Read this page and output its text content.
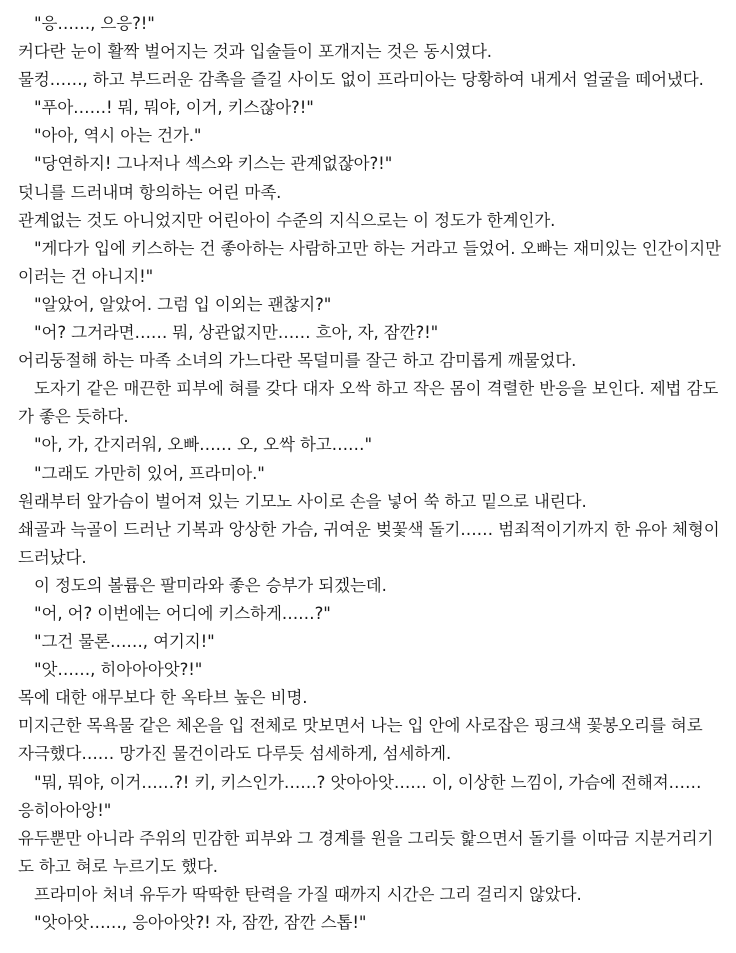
"응……, 으응?!"

커다란 눈이 활짝 벌어지는 것과 입술들이 포개지는 것은 동시였다.

물컹……, 하고 부드러운 감촉을 즐길 사이도 없이 프라미아는 당황하여 내게서 얼굴을 떼어냈다.

"푸아……! 뭐, 뭐야, 이거, 키스잖아?!"

"아아, 역시 아는 건가."

"당연하지! 그나저나 섹스와 키스는 관계없잖아?!"

덧니를 드러내며 항의하는 어린 마족.

관계없는 것도 아니었지만 어린아이 수준의 지식으로는 이 정도가 한계인가.

"게다가 입에 키스하는 건 좋아하는 사람하고만 하는 거라고 들었어. 오빠는 재미있는 인간이지만 이러는 건 아니지!"

"알았어, 알았어. 그럼 입 이외는 괜찮지?"

"어? 그거라면…… 뭐, 상관없지만…… 흐아, 자, 잠깐?!"

어리둥절해 하는 마족 소녀의 가느다란 목덜미를 잘근 하고 감미롭게 깨물었다.

도자기 같은 매끈한 피부에 혀를 갖다 대자 오싹 하고 작은 몸이 격렬한 반응을 보인다. 제법 감도가 좋은 듯하다.

"아, 가, 간지러워, 오빠…… 오, 오싹 하고……"

"그래도 가만히 있어, 프라미아."

원래부터 앞가슴이 벌어져 있는 기모노 사이로 손을 넣어 쑥 하고 밑으로 내린다.

쇄골과 늑골이 드러난 기복과 앙상한 가슴, 귀여운 벚꽃색 돌기…… 범죄적이기까지 한 유아 체형이 드러났다.

이 정도의 볼륨은 팔미라와 좋은 승부가 되겠는데.

"어, 어? 이번에는 어디에 키스하게……?"

"그건 물론……, 여기지!"

"앗……, 히아아아앗?!"

목에 대한 애무보다 한 옥타브 높은 비명.

미지근한 목욕물 같은 체온을 입 전체로 맛보면서 나는 입 안에 사로잡은 핑크색 꽃봉오리를 혀로 자극했다…… 망가진 물건이라도 다루듯 섬세하게, 섬세하게.

"뭐, 뭐야, 이거……?! 키, 키스인가……? 앗아아앗…… 이, 이상한 느낌이, 가슴에 전해져…… 응히아아앙!"

유두뿐만 아니라 주위의 민감한 피부와 그 경계를 원을 그리듯 핥으면서 돌기를 이따금 지분거리기도 하고 혀로 누르기도 했다.

프라미아 처녀 유두가 딱딱한 탄력을 가질 때까지 시간은 그리 걸리지 않았다.

"앗아앗……, 응아아앗?! 자, 잠깐, 잠깐 스톱!"
